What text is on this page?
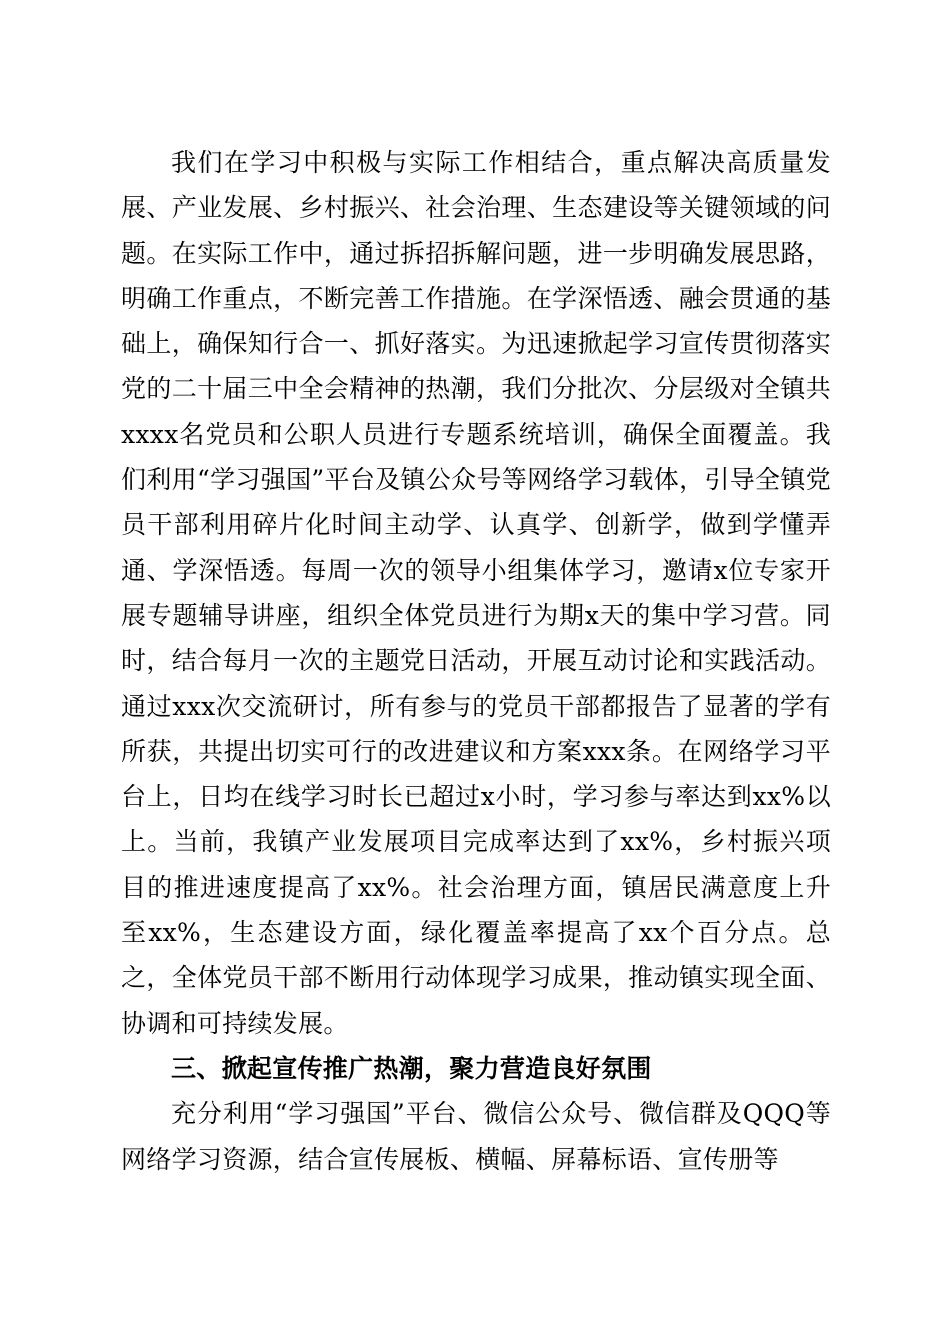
我们在学习中积极与实际工作相结合，重点解决高质量发展、产业发展、乡村振兴、社会治理、生态建设等关键领域的问题。在实际工作中，通过拆招拆解问题，进一步明确发展思路，明确工作重点，不断完善工作措施。在学深悟透、融会贯通的基础上，确保知行合一、抓好落实。为迅速掀起学习宣传贯彻落实党的二十届三中全会精神的热潮，我们分批次、分层级对全镇共xxxx名党员和公职人员进行专题系统培训，确保全面覆盖。我们利用“学习强国”平台及镇公众号等网络学习载体，引导全镇党员干部利用碎片化时间主动学、认真学、创新学，做到学懂弄通、学深悟透。每周一次的领导小组集体学习，邀请x位专家开展专题辅导讲座，组织全体党员进行为期x天的集中学习营。同时，结合每月一次的主题党日活动，开展互动讨论和实践活动。通过xxx次交流研讨，所有参与的党员干部都报告了显著的学有所获，共提出切实可行的改进建议和方案xxx条。在网络学习平台上，日均在线学习时长已超过x小时，学习参与率达到xx%以上。当前，我镇产业发展项目完成率达到了xx%，乡村振兴项目的推进速度提高了xx%。社会治理方面，镇居民满意度上升至xx%，生态建设方面，绿化覆盖率提高了xx个百分点。总之，全体党员干部不断用行动体现学习成果，推动镇实现全面、协调和可持续发展。

三、掀起宣传推广热潮，聚力营造良好氛围

充分利用“学习强国”平台、微信公众号、微信群及QQQ等网络学习资源，结合宣传展板、横幅、屏幕标语、宣传册等
